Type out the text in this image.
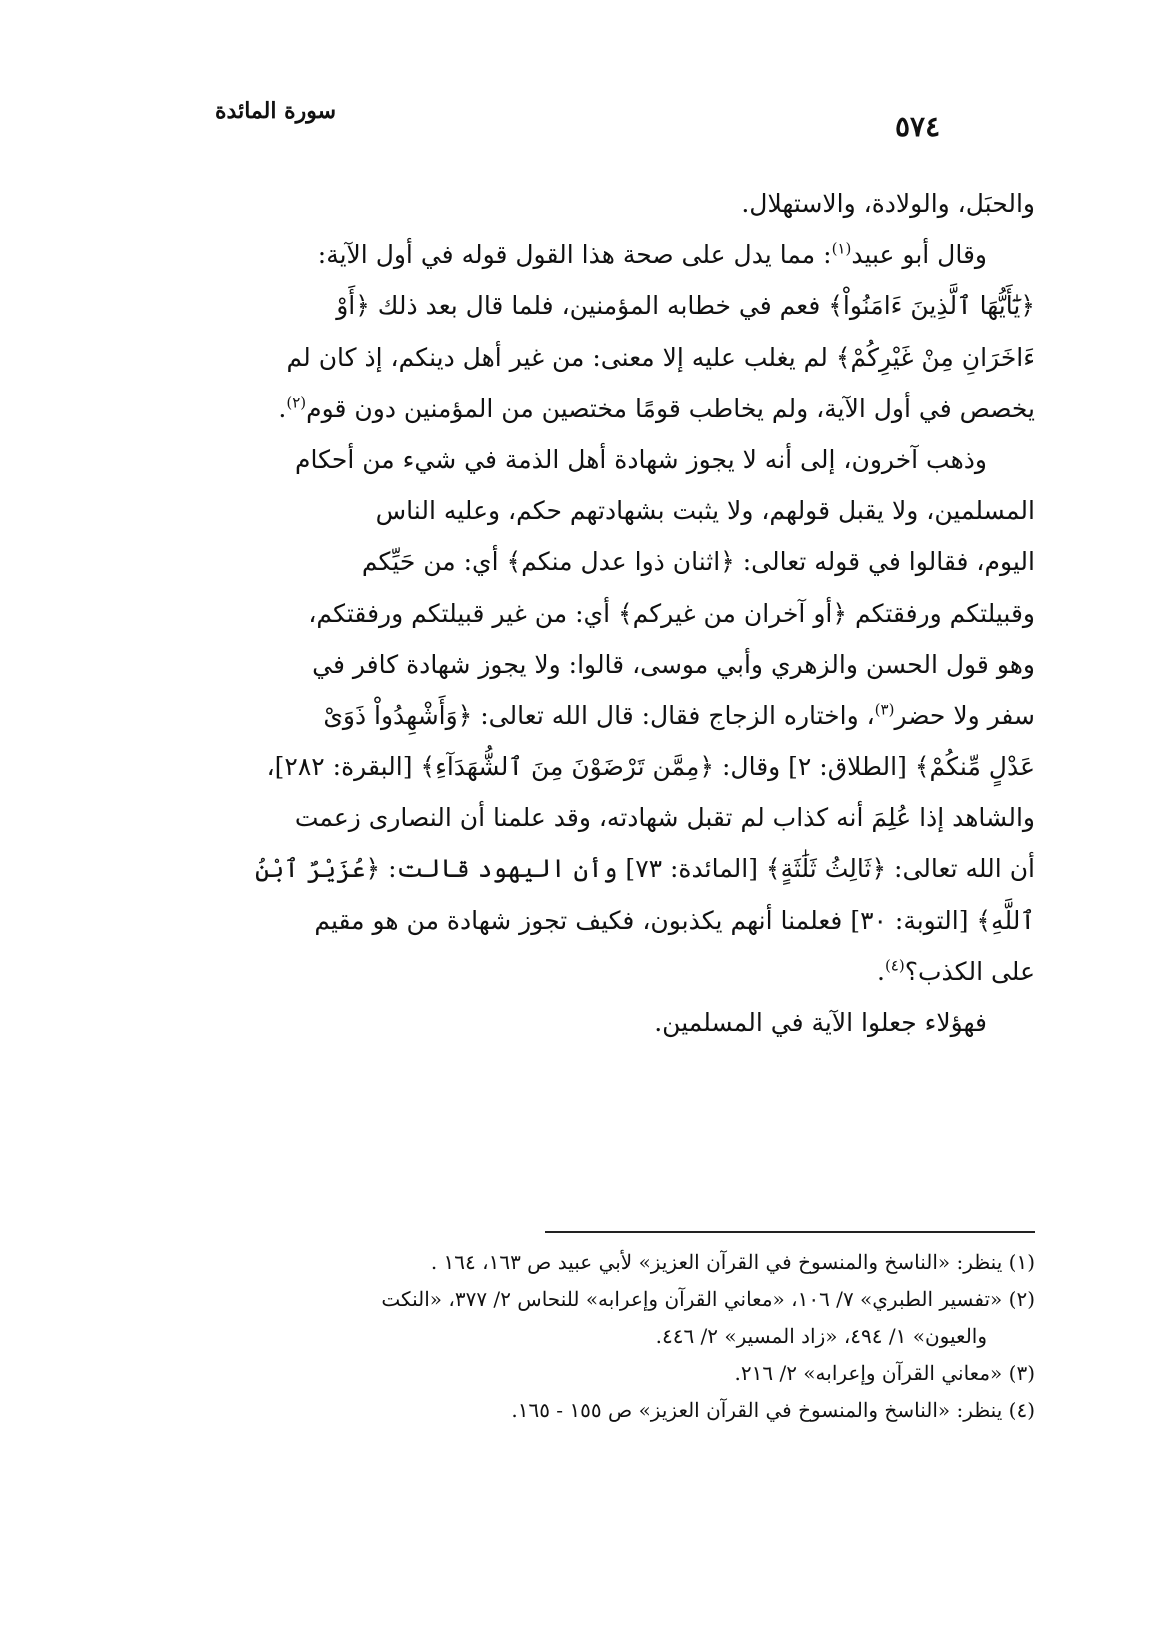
سورة المائدة	٥٧٤
والحبَل، والولادة، والاستهلال.
وقال أبو عبيد$^{(١)}$: مما يدل على صحة هذا القول قوله في أول الآية:
﴿يَٰٓأَيُّهَا ٱلَّذِينَ ءَامَنُواْ﴾ فعم في خطابه المؤمنين، فلما قال بعد ذلك ﴿أَوْ
ءَاخَرَانِ مِنْ غَيْرِكُمْ﴾ لم يغلب عليه إلا معنى: من غير أهل دينكم، إذ كان لم
يخصص في أول الآية، ولم يخاطب قومًا مختصين من المؤمنين دون قوم$^{(٢)}$.
وذهب آخرون، إلى أنه لا يجوز شهادة أهل الذمة في شيء من أحكام
المسلمين، ولا يقبل قولهم، ولا يثبت بشهادتهم حكم، وعليه الناس
اليوم، فقالوا في قوله تعالى: ﴿اثنان ذوا عدل منكم﴾ أي: من حَيِّكم
وقبيلتكم ورفقتكم ﴿أو آخران من غيركم﴾ أي: من غير قبيلتكم ورفقتكم،
وهو قول الحسن والزهري وأبي موسى، قالوا: ولا يجوز شهادة كافر في
سفر ولا حضر$^{(٣)}$، واختاره الزجاج فقال: قال الله تعالى: ﴿وَأَشْهِدُواْ ذَوَىْ
عَدْلٍ مِّنكُمْ﴾ [الطلاق: ٢] وقال: ﴿مِمَّن تَرْضَوْنَ مِنَ ٱلشُّهَدَآءِ﴾ [البقرة: ٢٨٢]،
والشاهد إذا عُلِمَ أنه كذاب لم تقبل شهادته، وقد علمنا أن النصارى زعمت
أن الله تعالى: ﴿ثَالِثُ ثَلَٰثَةٍ﴾ [المائدة: ٧٣] وأن اليهود قالت: ﴿عُزَيْرٌ ٱبْنُ
ٱللَّهِ﴾ [التوبة: ٣٠] فعلمنا أنهم يكذبون، فكيف تجوز شهادة من هو مقيم
على الكذب؟$^{(٤)}$.
فهؤلاء جعلوا الآية في المسلمين.
(١) ينظر: «الناسخ والمنسوخ في القرآن العزيز» لأبي عبيد ص ١٦٣، ١٦٤ .
(٢) «تفسير الطبري» ٧/ ١٠٦، «معاني القرآن وإعرابه» للنحاس ٢/ ٣٧٧، «النكت
والعيون» ١/ ٤٩٤، «زاد المسير» ٢/ ٤٤٦.
(٣) «معاني القرآن وإعرابه» ٢/ ٢١٦.
(٤) ينظر: «الناسخ والمنسوخ في القرآن العزيز» ص ١٥٥ - ١٦٥.
